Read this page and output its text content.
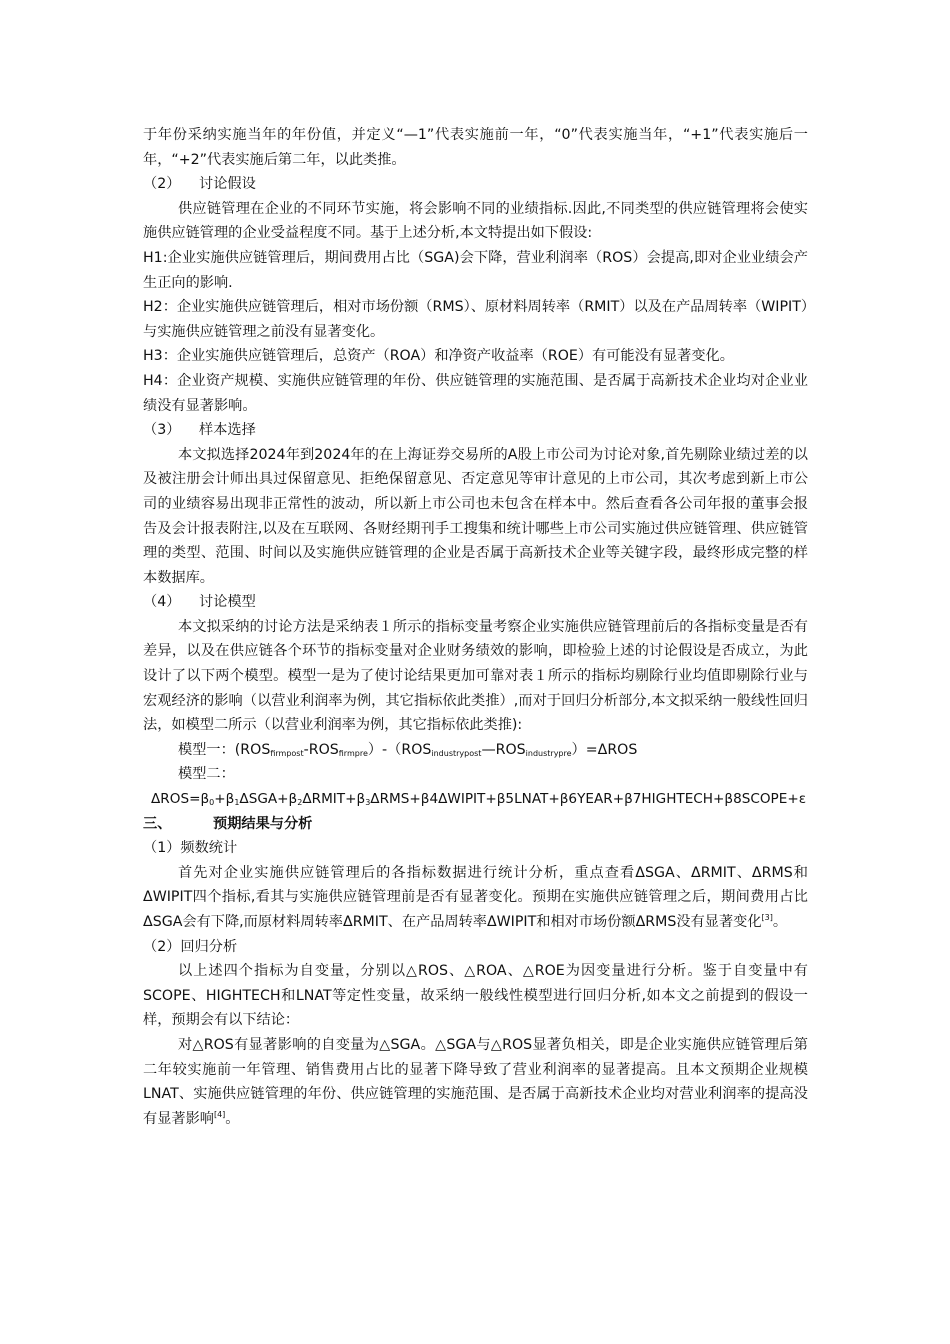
于年份采纳实施当年的年份值，并定义“—1”代表实施前一年，“0”代表实施当年，“+1”代表实施后一年，“+2”代表实施后第二年，以此类推。

（2） 讨论假设

供应链管理在企业的不同环节实施，将会影响不同的业绩指标.因此,不同类型的供应链管理将会使实施供应链管理的企业受益程度不同。基于上述分析,本文特提出如下假设:

H1:企业实施供应链管理后，期间费用占比（SGA)会下降，营业利润率（ROS）会提高,即对企业业绩会产生正向的影响.

H2：企业实施供应链管理后，相对市场份额（RMS）、原材料周转率（RMIT）以及在产品周转率（WIPIT）与实施供应链管理之前没有显著变化。

H3：企业实施供应链管理后，总资产（ROA）和净资产收益率（ROE）有可能没有显著变化。

H4：企业资产规模、实施供应链管理的年份、供应链管理的实施范围、是否属于高新技术企业均对企业业绩没有显著影响。

（3） 样本选择

本文拟选择2024年到2024年的在上海证券交易所的A股上市公司为讨论对象,首先剔除业绩过差的以及被注册会计师出具过保留意见、拒绝保留意见、否定意见等审计意见的上市公司，其次考虑到新上市公司的业绩容易出现非正常性的波动，所以新上市公司也未包含在样本中。然后查看各公司年报的董事会报告及会计报表附注,以及在互联网、各财经期刊手工搜集和统计哪些上市公司实施过供应链管理、供应链管理的类型、范围、时间以及实施供应链管理的企业是否属于高新技术企业等关键字段，最终形成完整的样本数据库。

（4） 讨论模型

本文拟采纳的讨论方法是采纳表１所示的指标变量考察企业实施供应链管理前后的各指标变量是否有差异，以及在供应链各个环节的指标变量对企业财务绩效的影响，即检验上述的讨论假设是否成立，为此设计了以下两个模型。模型一是为了使讨论结果更加可靠对表１所示的指标均剔除行业均值即剔除行业与宏观经济的影响（以营业利润率为例，其它指标依此类推）,而对于回归分析部分,本文拟采纳一般线性回归法，如模型二所示（以营业利润率为例，其它指标依此类推):

模型一：$(ROS_{firmpost}-ROS_{firmpre})-(ROS_{industrypost}—ROS_{industrypre})=\Delta ROS$

模型二：

$\Delta ROS=\beta_0+\beta_1\Delta SGA+\beta_2\Delta RMIT+\beta_3\Delta RMS+\beta 4\Delta WIPIT+\beta 5LNAT+\beta 6YEAR+\beta 7HIGHTECH+\beta 8SCOPE+\varepsilon$

三、	预期结果与分析
（1）频数统计

首先对企业实施供应链管理后的各指标数据进行统计分析，重点查看ΔSGA、ΔRMIT、ΔRMS和ΔWIPIT四个指标,看其与实施供应链管理前是否有显著变化。预期在实施供应链管理之后，期间费用占比ΔSGA会有下降,而原材料周转率ΔRMIT、在产品周转率ΔWIPIT和相对市场份额ΔRMS没有显著变化[3]。

（2）回归分析

以上述四个指标为自变量，分别以△ROS、△ROA、△ROE为因变量进行分析。鉴于自变量中有SCOPE、HIGHTECH和LNAT等定性变量，故采纳一般线性模型进行回归分析,如本文之前提到的假设一样，预期会有以下结论：

对△ROS有显著影响的自变量为△SGA。△SGA与△ROS显著负相关，即是企业实施供应链管理后第二年较实施前一年管理、销售费用占比的显著下降导致了营业利润率的显著提高。且本文预期企业规模LNAT、实施供应链管理的年份、供应链管理的实施范围、是否属于高新技术企业均对营业利润率的提高没有显著影响[4]。
